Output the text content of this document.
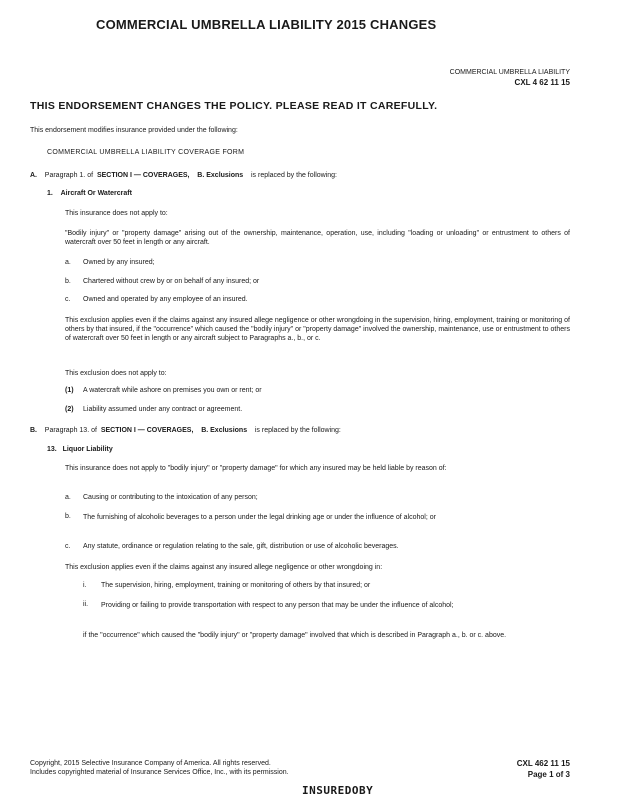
COMMERCIAL UMBRELLA LIABILITY 2015 CHANGES
COMMERCIAL UMBRELLA LIABILITY
CXL 4 62 11 15
THIS ENDORSEMENT CHANGES THE POLICY. PLEASE READ IT CAREFULLY.
This endorsement modifies insurance provided under the following:
COMMERCIAL UMBRELLA LIABILITY COVERAGE FORM
A. Paragraph 1. of SECTION I — COVERAGES, B. Exclusions is replaced by the following:
1. Aircraft Or Watercraft
This insurance does not apply to:
"Bodily injury" or "property damage" arising out of the ownership, maintenance, operation, use, including "loading or unloading" or entrustment to others of watercraft over 50 feet in length or any aircraft.
a. Owned by any insured;
b. Chartered without crew by or on behalf of any insured; or
c. Owned and operated by any employee of an insured.
This exclusion applies even if the claims against any insured allege negligence or other wrongdoing in the supervision, hiring, employment, training or monitoring of others by that insured, if the "occurrence" which caused the "bodily injury" or "property damage" involved the ownership, maintenance, use or entrustment to others of watercraft over 50 feet in length or any aircraft subject to Paragraphs a., b., or c.
This exclusion does not apply to:
(1) A watercraft while ashore on premises you own or rent; or
(2) Liability assumed under any contract or agreement.
B. Paragraph 13. of SECTION I — COVERAGES, B. Exclusions is replaced by the following:
13. Liquor Liability
This insurance does not apply to "bodily injury" or "property damage" for which any insured may be held liable by reason of:
a. Causing or contributing to the intoxication of any person;
b. The furnishing of alcoholic beverages to a person under the legal drinking age or under the influence of alcohol; or
c. Any statute, ordinance or regulation relating to the sale, gift, distribution or use of alcoholic beverages.
This exclusion applies even if the claims against any insured allege negligence or other wrongdoing in:
i. The supervision, hiring, employment, training or monitoring of others by that insured; or
ii. Providing or failing to provide transportation with respect to any person that may be under the influence of alcohol;
if the "occurrence" which caused the "bodily injury" or "property damage" involved that which is described in Paragraph a., b. or c. above.
Copyright, 2015 Selective Insurance Company of America. All rights reserved.
Includes copyrighted material of Insurance Services Office, Inc., with its permission.
CXL 462 11 15
Page 1 of 3
INSUREDOBY
